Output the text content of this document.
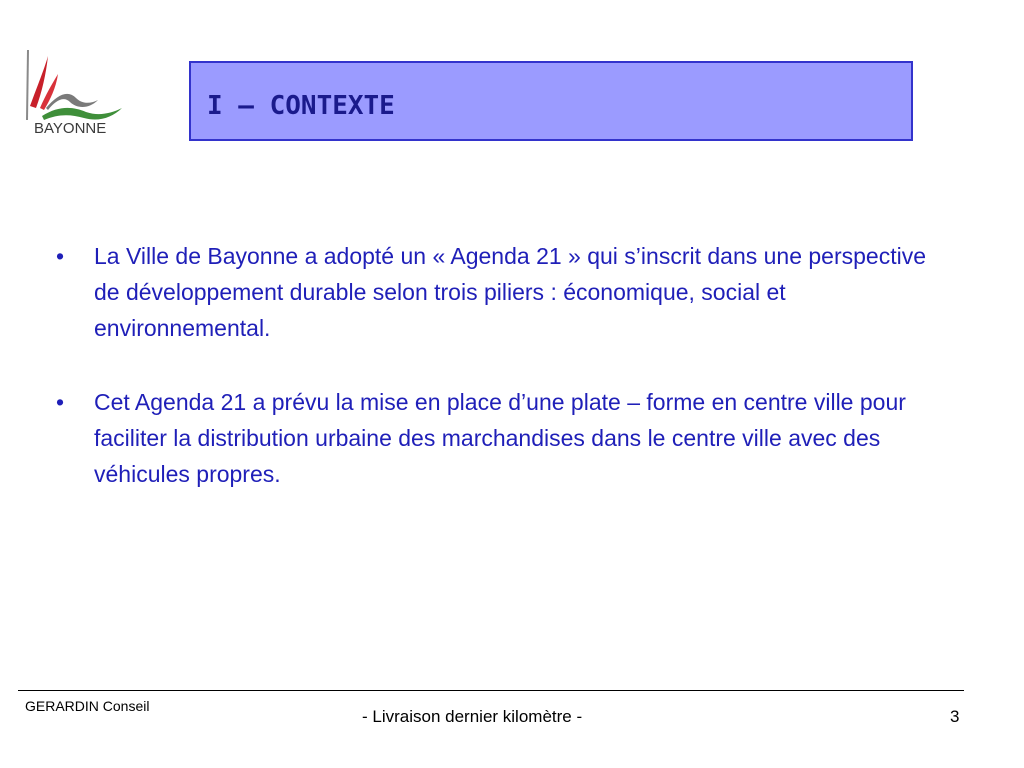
BAYONNE
I – CONTEXTE
• La Ville de Bayonne a adopté un « Agenda 21 » qui s’inscrit dans une perspective de développement durable selon trois piliers : économique, social et environnemental.
• Cet Agenda 21 a prévu la mise en place d’une plate – forme en centre ville pour faciliter la distribution urbaine des marchandises dans le centre ville avec des véhicules propres.
GERARDIN Conseil
- Livraison dernier kilomètre -	3
